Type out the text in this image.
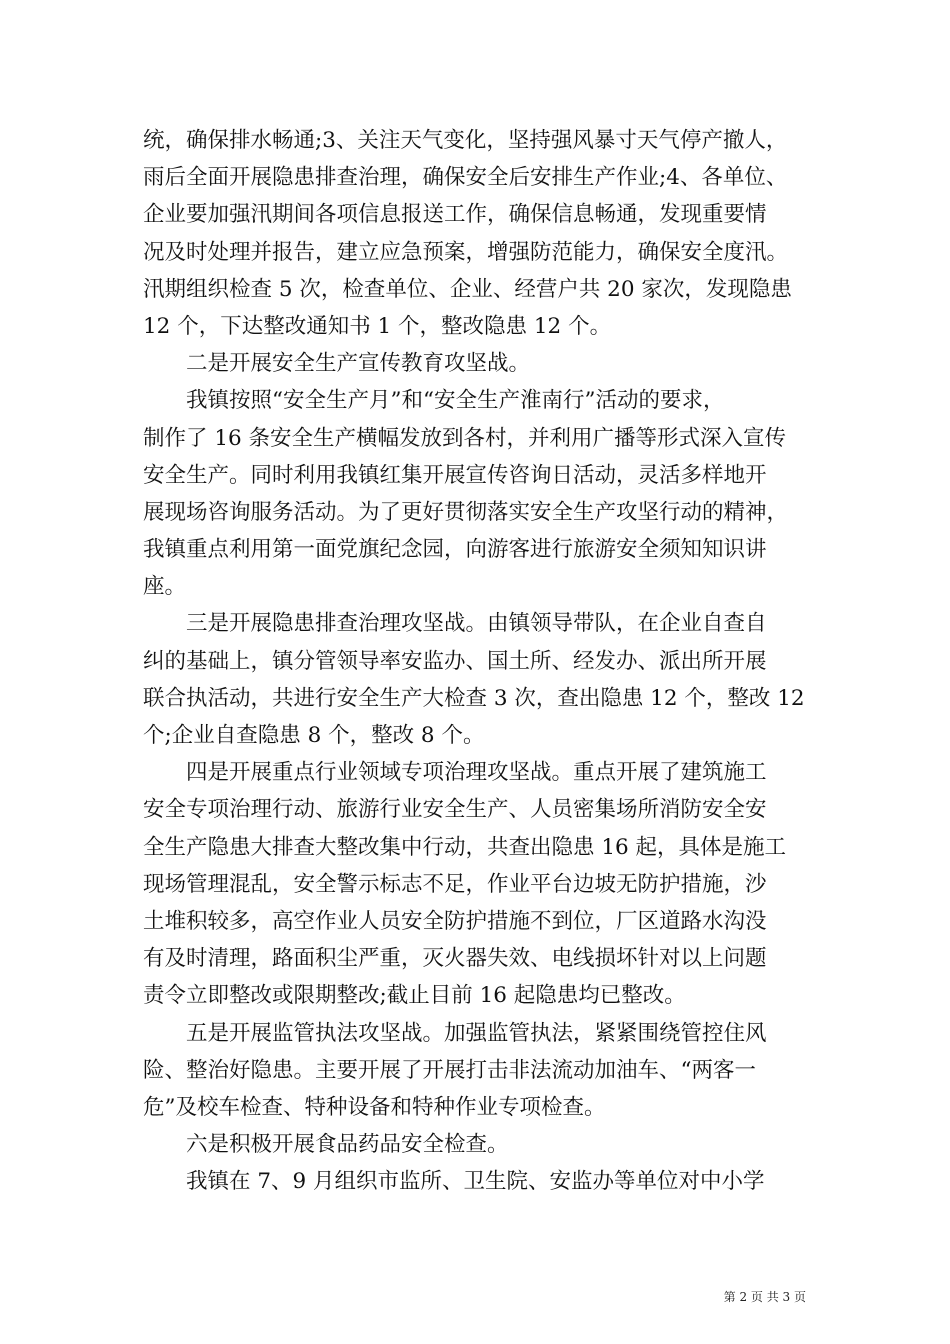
统，确保排水畅通;3、关注天气变化，坚持强风暴寸天气停产撤人，
雨后全面开展隐患排查治理，确保安全后安排生产作业;4、各单位、
企业要加强汛期间各项信息报送工作，确保信息畅通，发现重要情
况及时处理并报告，建立应急预案，增强防范能力，确保安全度汛。
汛期组织检查 5 次，检查单位、企业、经营户共 20 家次，发现隐患
12 个，下达整改通知书 1 个，整改隐患 12 个。
二是开展安全生产宣传教育攻坚战。
我镇按照“安全生产月”和“安全生产淮南行”活动的要求，
制作了 16 条安全生产横幅发放到各村，并利用广播等形式深入宣传
安全生产。同时利用我镇红集开展宣传咨询日活动，灵活多样地开
展现场咨询服务活动。为了更好贯彻落实安全生产攻坚行动的精神，
我镇重点利用第一面党旗纪念园，向游客进行旅游安全须知知识讲
座。
三是开展隐患排查治理攻坚战。由镇领导带队，在企业自查自
纠的基础上，镇分管领导率安监办、国土所、经发办、派出所开展
联合执活动，共进行安全生产大检查 3 次，查出隐患 12 个，整改 12
个;企业自查隐患 8 个，整改 8 个。
四是开展重点行业领域专项治理攻坚战。重点开展了建筑施工
安全专项治理行动、旅游行业安全生产、人员密集场所消防安全安
全生产隐患大排查大整改集中行动，共查出隐患 16 起，具体是施工
现场管理混乱，安全警示标志不足，作业平台边坡无防护措施，沙
土堆积较多，高空作业人员安全防护措施不到位，厂区道路水沟没
有及时清理，路面积尘严重，灭火器失效、电线损坏针对以上问题
责令立即整改或限期整改;截止目前 16 起隐患均已整改。
五是开展监管执法攻坚战。加强监管执法，紧紧围绕管控住风
险、整治好隐患。主要开展了开展打击非法流动加油车、“两客一
危”及校车检查、特种设备和特种作业专项检查。
六是积极开展食品药品安全检查。
我镇在 7、9 月组织市监所、卫生院、安监办等单位对中小学
第 2 页 共 3 页
